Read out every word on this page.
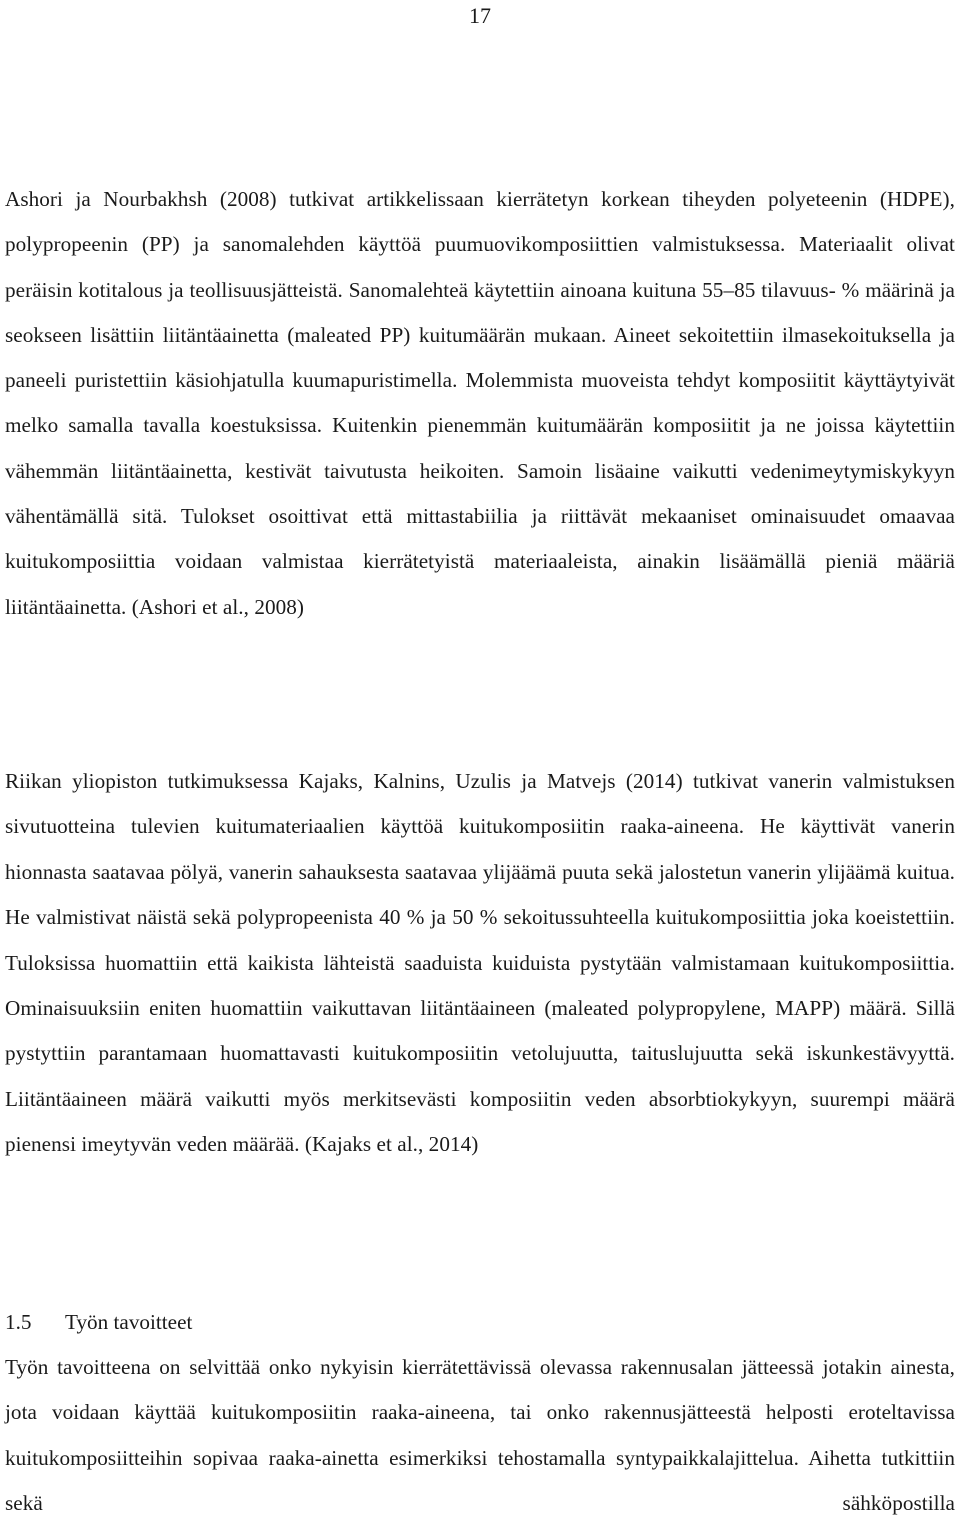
17

Ashori ja Nourbakhsh (2008) tutkivat artikkelissaan kierrätetyn korkean tiheyden polyeteenin (HDPE), polypropeenin (PP) ja sanomalehden käyttöä puumuovikomposiittien valmistuksessa. Materiaalit olivat peräisin kotitalous ja teollisuusjätteistä. Sanomalehteä käytettiin ainoana kuituna 55–85 tilavuus- % määrinä ja seokseen lisättiin liitäntäainetta (maleated PP) kuitumäärän mukaan. Aineet sekoitettiin ilmasekoituksella ja paneeli puristettiin käsiohjatulla kuumapuristimella. Molemmista muoveista tehdyt komposiitit käyttäytyivät melko samalla tavalla koestuksissa. Kuitenkin pienemmän kuitumäärän komposiitit ja ne joissa käytettiin vähemmän liitäntäainetta, kestivät taivutusta heikoiten. Samoin lisäaine vaikutti vedenimeytymiskykyyn vähentämällä sitä. Tulokset osoittivat että mittastabiilia ja riittävät mekaaniset ominaisuudet omaavaa kuitukomposiittia voidaan valmistaa kierrätetyistä materiaaleista, ainakin lisäämällä pieniä määriä liitäntäainetta. (Ashori et al., 2008)

Riikan yliopiston tutkimuksessa Kajaks, Kalnins, Uzulis ja Matvejs (2014) tutkivat vanerin valmistuksen sivutuotteina tulevien kuitumateriaalien käyttöä kuitukomposiitin raaka-aineena. He käyttivät vanerin hionnasta saatavaa pölyä, vanerin sahauksesta saatavaa ylijäämä puuta sekä jalostetun vanerin ylijäämä kuitua. He valmistivat näistä sekä polypropeenista 40 % ja 50 % sekoitussuhteella kuitukomposiittia joka koeistettiin. Tuloksissa huomattiin että kaikista lähteistä saaduista kuiduista pystytään valmistamaan kuitukomposiittia. Ominaisuuksiin eniten huomattiin vaikuttavan liitäntäaineen (maleated polypropylene, MAPP) määrä. Sillä pystyttiin parantamaan huomattavasti kuitukomposiitin vetolujuutta, taituslujuutta sekä iskunkestävyyttä. Liitäntäaineen määrä vaikutti myös merkitsevästi komposiitin veden absorbtiokykyyn, suurempi määrä pienensi imeytyvän veden määrää. (Kajaks et al., 2014)

1.5 Työn tavoitteet

Työn tavoitteena on selvittää onko nykyisin kierrätettävissä olevassa rakennusalan jätteessä jotakin ainesta, jota voidaan käyttää kuitukomposiitin raaka-aineena, tai onko rakennusjätteestä helposti eroteltavissa kuitukomposiitteihin sopivaa raaka-ainetta esimerkiksi tehostamalla syntypaikkalajittelua. Aihetta tutkittiin sekä sähköpostilla
